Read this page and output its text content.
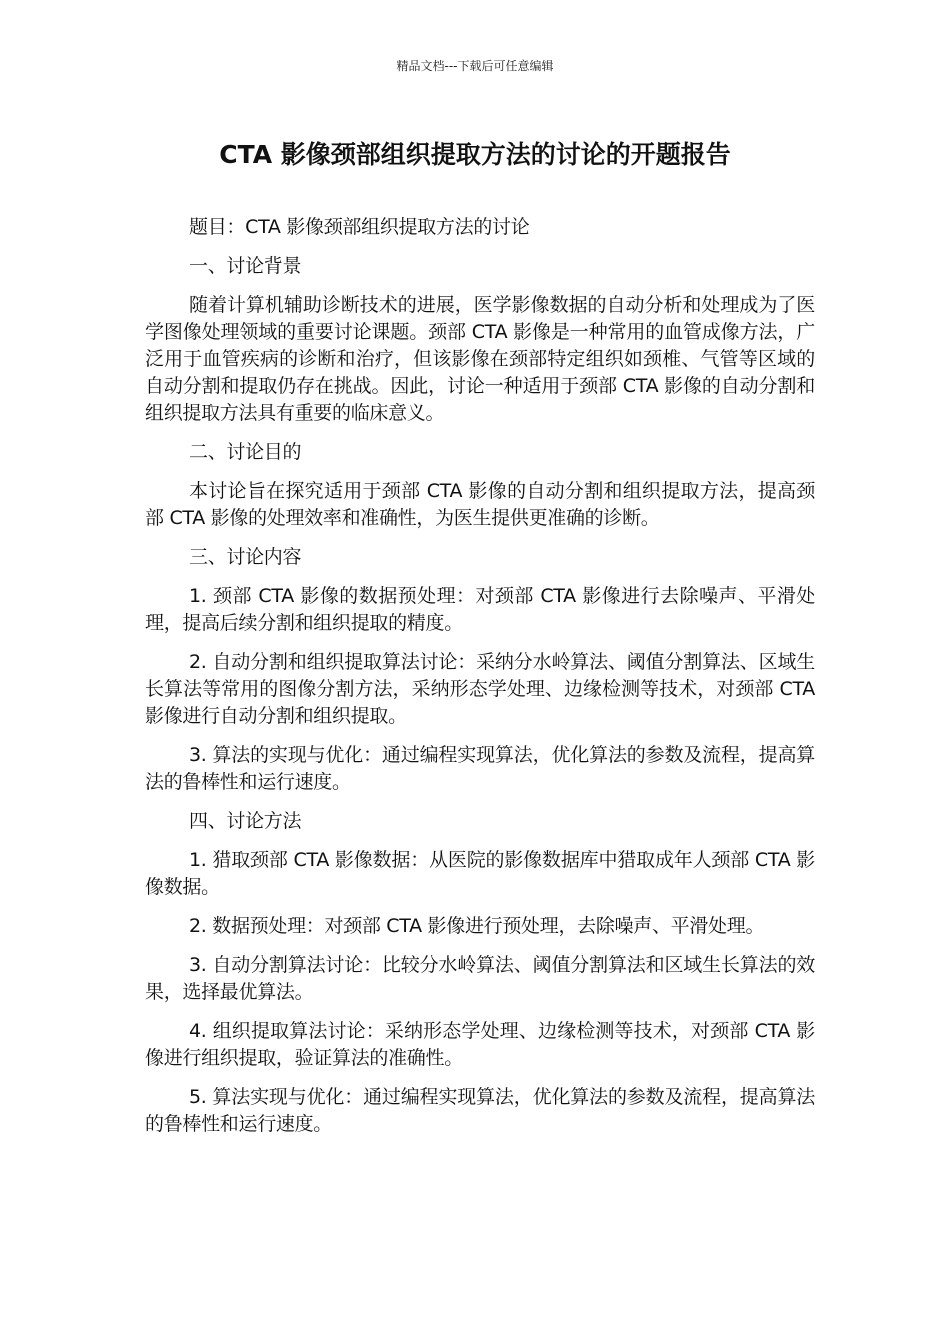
精品文档---下载后可任意编辑
CTA 影像颈部组织提取方法的讨论的开题报告

题目：CTA 影像颈部组织提取方法的讨论

一、讨论背景

随着计算机辅助诊断技术的进展，医学影像数据的自动分析和处理成为了医学图像处理领域的重要讨论课题。颈部 CTA 影像是一种常用的血管成像方法，广泛用于血管疾病的诊断和治疗，但该影像在颈部特定组织如颈椎、气管等区域的自动分割和提取仍存在挑战。因此，讨论一种适用于颈部 CTA 影像的自动分割和组织提取方法具有重要的临床意义。

二、讨论目的

本讨论旨在探究适用于颈部 CTA 影像的自动分割和组织提取方法，提高颈部 CTA 影像的处理效率和准确性，为医生提供更准确的诊断。

三、讨论内容

1. 颈部 CTA 影像的数据预处理：对颈部 CTA 影像进行去除噪声、平滑处理，提高后续分割和组织提取的精度。

2. 自动分割和组织提取算法讨论：采纳分水岭算法、阈值分割算法、区域生长算法等常用的图像分割方法，采纳形态学处理、边缘检测等技术，对颈部 CTA 影像进行自动分割和组织提取。

3. 算法的实现与优化：通过编程实现算法，优化算法的参数及流程，提高算法的鲁棒性和运行速度。

四、讨论方法

1. 猎取颈部 CTA 影像数据：从医院的影像数据库中猎取成年人颈部 CTA 影像数据。

2. 数据预处理：对颈部 CTA 影像进行预处理，去除噪声、平滑处理。

3. 自动分割算法讨论：比较分水岭算法、阈值分割算法和区域生长算法的效果，选择最优算法。

4. 组织提取算法讨论：采纳形态学处理、边缘检测等技术，对颈部 CTA 影像进行组织提取，验证算法的准确性。

5. 算法实现与优化：通过编程实现算法，优化算法的参数及流程，提高算法的鲁棒性和运行速度。
